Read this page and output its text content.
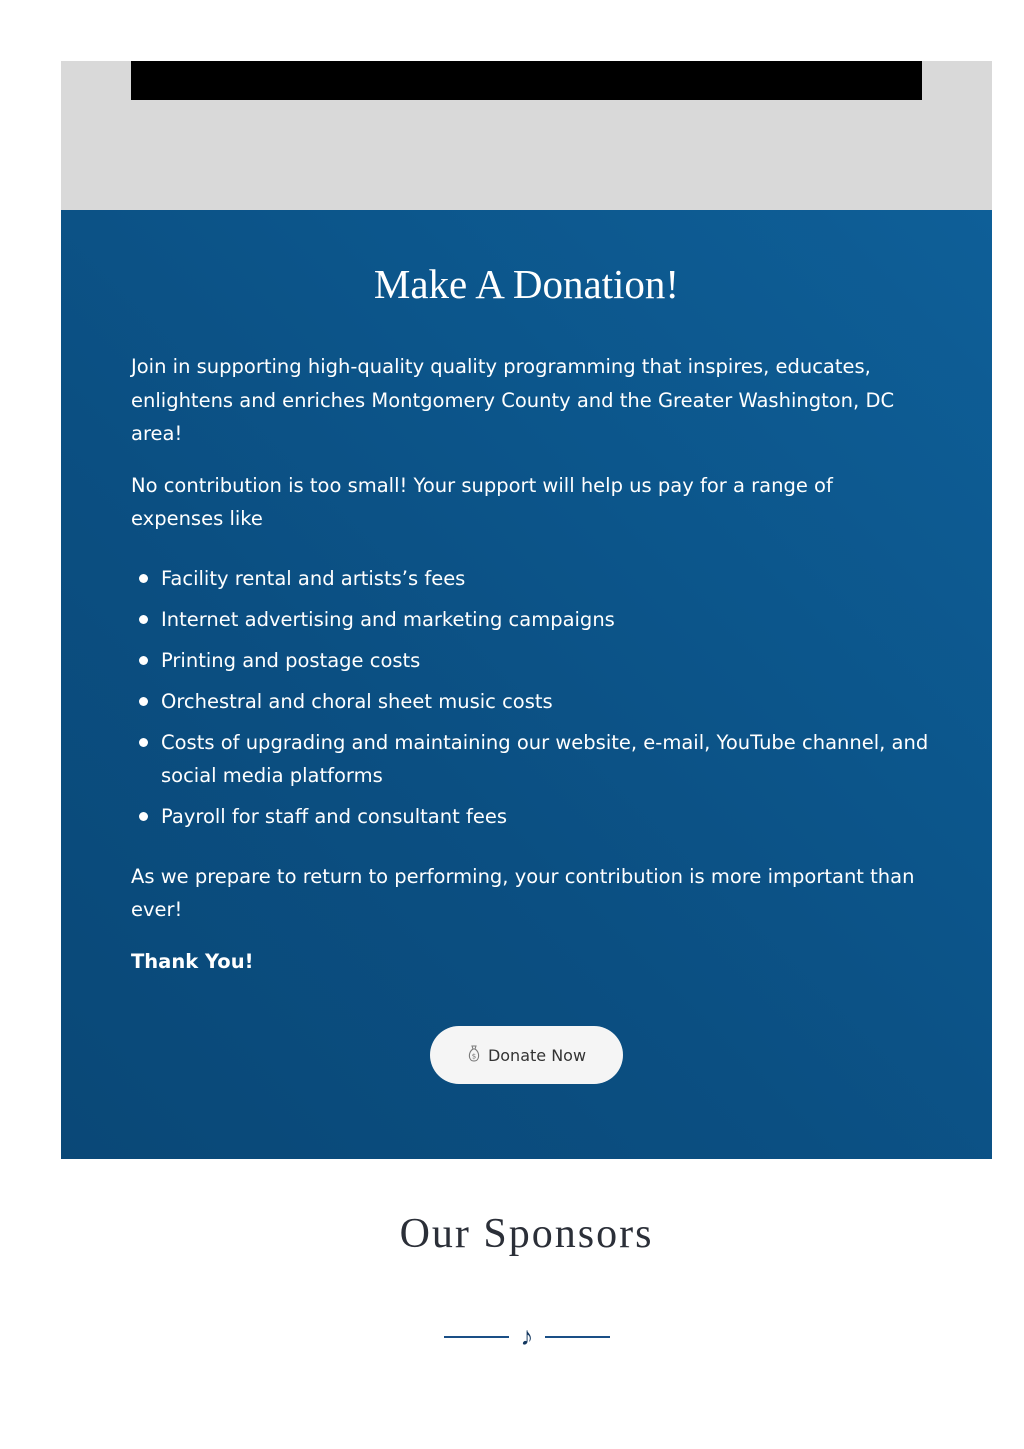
Make A Donation!

Join in supporting high-quality quality programming that inspires, educates, enlightens and enriches Montgomery County and the Greater Washington, DC area!

No contribution is too small! Your support will help us pay for a range of expenses like

Facility rental and artists’s fees
Internet advertising and marketing campaigns
Printing and postage costs
Orchestral and choral sheet music costs
Costs of upgrading and maintaining our website, e-mail, YouTube channel, and social media platforms
Payroll for staff and consultant fees

As we prepare to return to performing, your contribution is more important than ever!

Thank You!

$ Donate Now
Our Sponsors
♪
